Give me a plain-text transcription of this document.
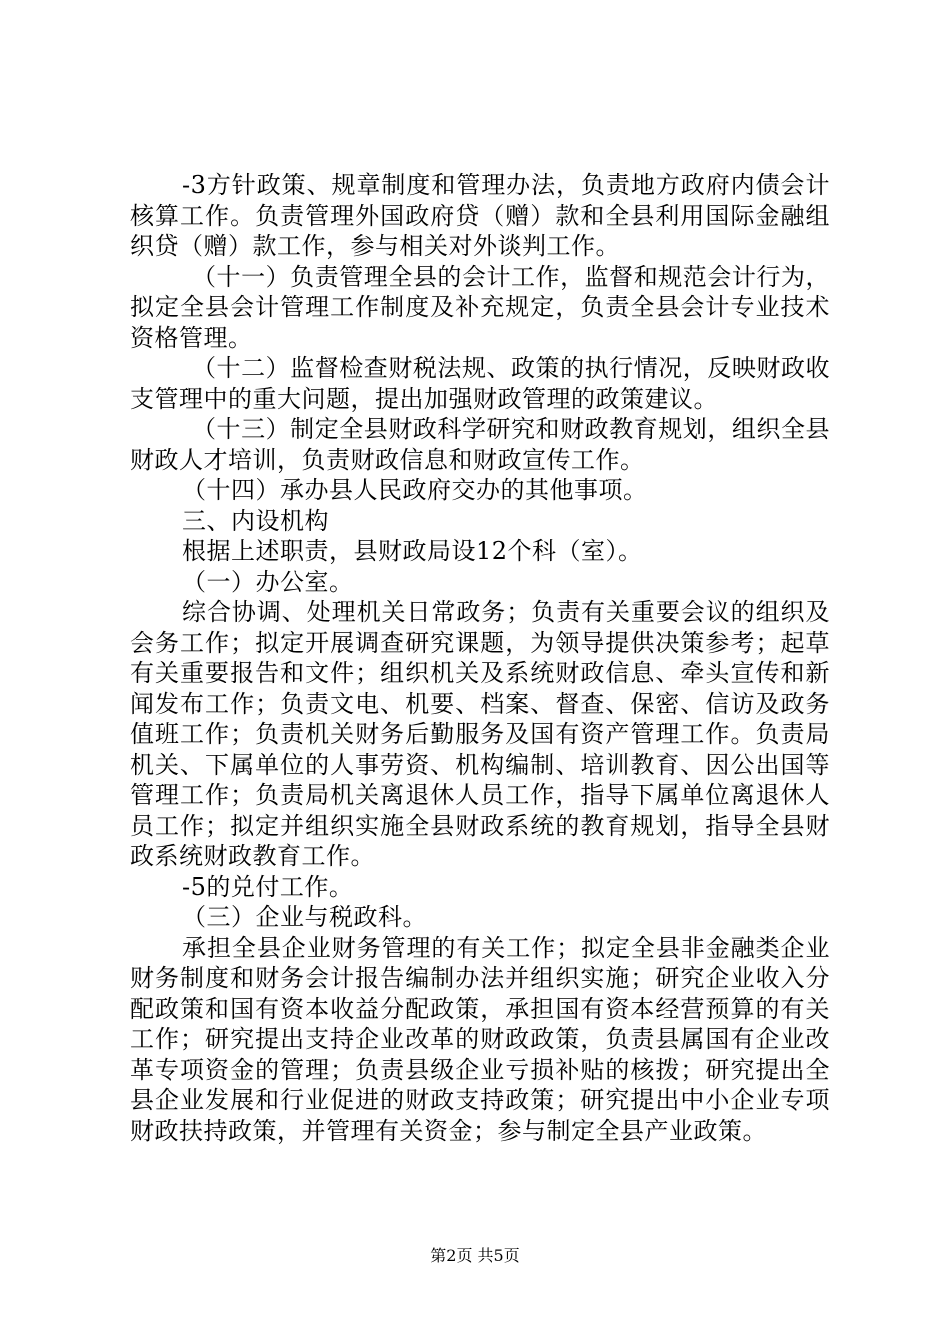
-3方针政策、规章制度和管理办法，负责地方政府内债会计核算工作。负责管理外国政府贷（赠）款和全县利用国际金融组织贷（赠）款工作，参与相关对外谈判工作。

（十一）负责管理全县的会计工作，监督和规范会计行为，拟定全县会计管理工作制度及补充规定，负责全县会计专业技术资格管理。

（十二）监督检查财税法规、政策的执行情况，反映财政收支管理中的重大问题，提出加强财政管理的政策建议。

（十三）制定全县财政科学研究和财政教育规划，组织全县财政人才培训，负责财政信息和财政宣传工作。

（十四）承办县人民政府交办的其他事项。

三、内设机构

根据上述职责，县财政局设12个科（室）。

（一）办公室。

综合协调、处理机关日常政务；负责有关重要会议的组织及会务工作；拟定开展调查研究课题，为领导提供决策参考；起草有关重要报告和文件；组织机关及系统财政信息、牵头宣传和新闻发布工作；负责文电、机要、档案、督查、保密、信访及政务值班工作；负责机关财务后勤服务及国有资产管理工作。负责局机关、下属单位的人事劳资、机构编制、培训教育、因公出国等管理工作；负责局机关离退休人员工作，指导下属单位离退休人员工作；拟定并组织实施全县财政系统的教育规划，指导全县财政系统财政教育工作。

-5的兑付工作。

（三）企业与税政科。

承担全县企业财务管理的有关工作；拟定全县非金融类企业财务制度和财务会计报告编制办法并组织实施；研究企业收入分配政策和国有资本收益分配政策，承担国有资本经营预算的有关工作；研究提出支持企业改革的财政政策，负责县属国有企业改革专项资金的管理；负责县级企业亏损补贴的核拨；研究提出全县企业发展和行业促进的财政支持政策；研究提出中小企业专项财政扶持政策，并管理有关资金；参与制定全县产业政策。

第2页 共5页
